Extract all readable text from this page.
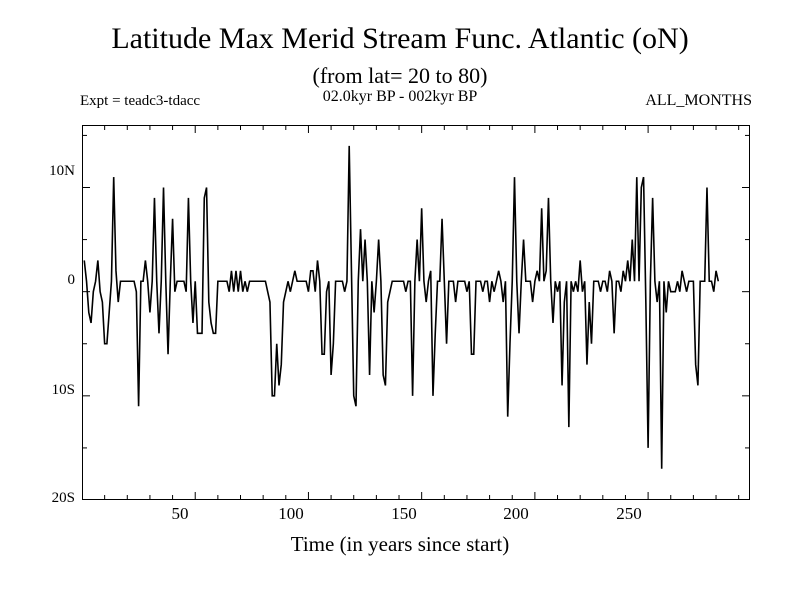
Latitude Max Merid Stream Func. Atlantic (oN)
(from lat= 20 to 80)
Expt = teadc3-tdacc	02.0kyr BP - 002kyr BP	ALL_MONTHS
10N
0
10S
20S
50	100	150	200	250
Time (in years since start)
